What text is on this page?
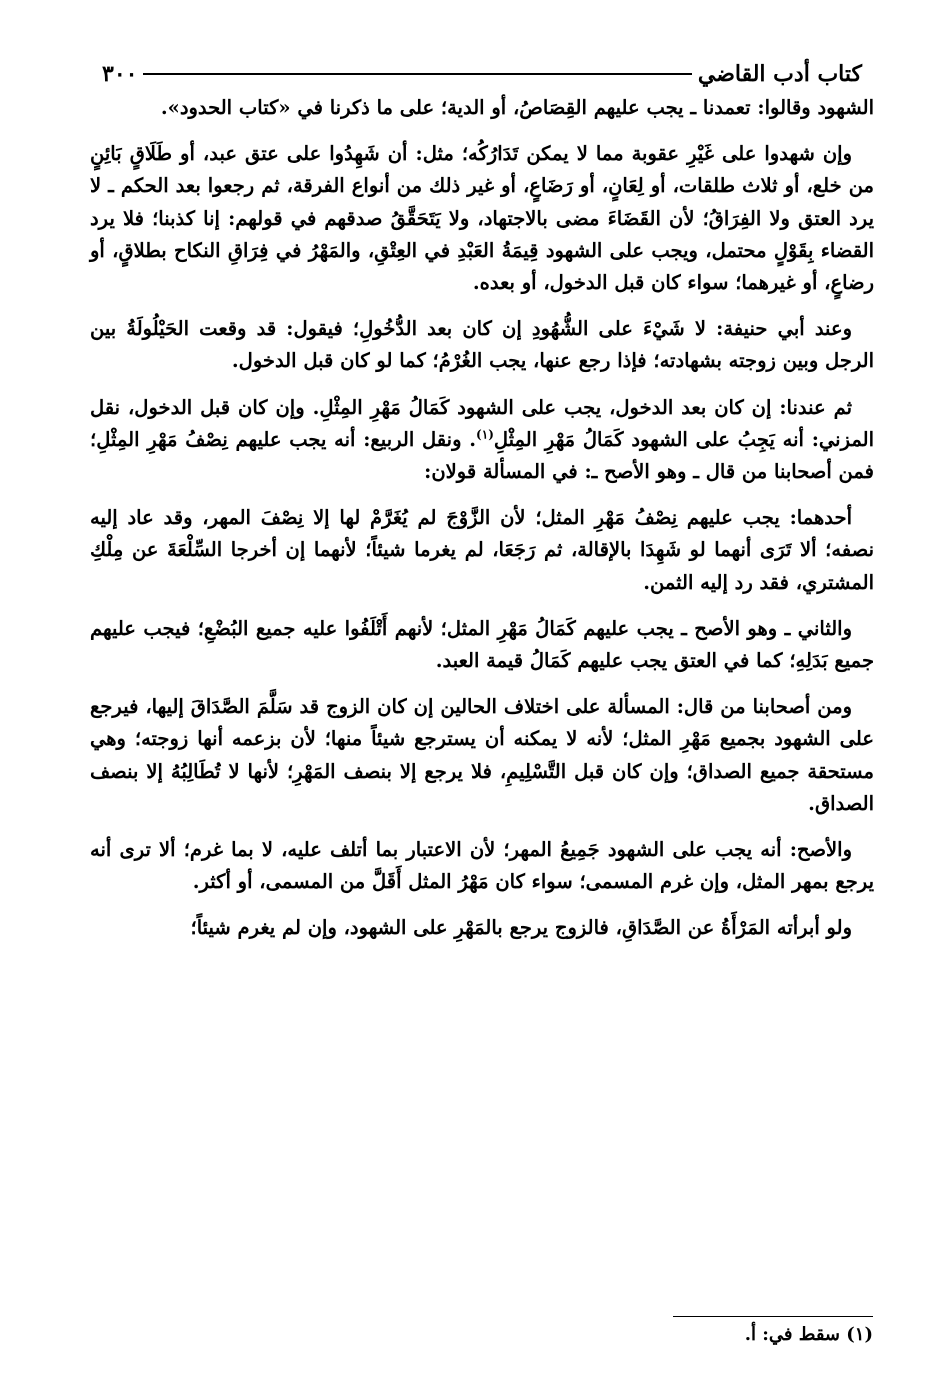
كتاب أدب القاضي
٣٠٠

الشهود وقالوا: تعمدنا ـ يجب عليهم القِصَاصُ، أو الدية؛ على ما ذكرنا في «كتاب الحدود».

وإن شهدوا على غَيْرِ عقوبة مما لا يمكن تَدَارُكُه؛ مثل: أن شَهِدُوا على عتق عبد، أو طَلَاقٍ بَائِنٍ من خلع، أو ثلاث طلقات، أو لِعَانٍ، أو رَضَاعٍ، أو غير ذلك من أنواع الفرقة، ثم رجعوا بعد الحكم ـ لا يرد العتق ولا الفِرَاقُ؛ لأن القَضَاءَ مضى بالاجتهاد، ولا يَتَحَقَّقُ صدقهم في قولهم: إنا كذبنا؛ فلا يرد القضاء بِقَوْلٍ محتمل، ويجب على الشهود قِيمَةُ العَبْدِ في العِتْقِ، والمَهْرُ في فِرَاقِ النكاح بطلاقٍ، أو رضاعٍ، أو غيرهما؛ سواء كان قبل الدخول، أو بعده.

وعند أبي حنيفة: لا شَيْءَ على الشُّهُودِ إن كان بعد الدُّخُولِ؛ فيقول: قد وقعت الحَيْلُولَةُ بين الرجل وبين زوجته بشهادته؛ فإذا رجع عنها، يجب الغُرْمُ؛ كما لو كان قبل الدخول.

ثم عندنا: إن كان بعد الدخول، يجب على الشهود كَمَالُ مَهْرِ المِثْلِ. وإن كان قبل الدخول، نقل المزني: أنه يَجِبُ على الشهود كَمَالُ مَهْرِ المِثْلِ$^{(١)}$. ونقل الربيع: أنه يجب عليهم نِصْفُ مَهْرِ المِثْلِ؛ فمن أصحابنا من قال ـ وهو الأصح ـ: في المسألة قولان:

أحدهما: يجب عليهم نِصْفُ مَهْرِ المثل؛ لأن الزَّوْجَ لم يُغَرَّمْ لها إلا نِصْفَ المهر، وقد عاد إليه نصفه؛ ألا تَرَى أنهما لو شَهِدَا بالإقالة، ثم رَجَعَا، لم يغرما شيئاً؛ لأنهما إن أخرجا السِّلْعَةَ عن مِلْكِ المشتري، فقد رد إليه الثمن.

والثاني ـ وهو الأصح ـ يجب عليهم كَمَالُ مَهْرِ المثل؛ لأنهم أَتْلَفُوا عليه جميع البُضْعِ؛ فيجب عليهم جميع بَدَلِهِ؛ كما في العتق يجب عليهم كَمَالُ قيمة العبد.

ومن أصحابنا من قال: المسألة على اختلاف الحالين إن كان الزوج قد سَلَّمَ الصَّدَاقَ إليها، فيرجع على الشهود بجميع مَهْرِ المثل؛ لأنه لا يمكنه أن يسترجع شيئاً منها؛ لأن بزعمه أنها زوجته؛ وهي مستحقة جميع الصداق؛ وإن كان قبل التَّسْلِيمِ، فلا يرجع إلا بنصف المَهْرِ؛ لأنها لا تُطَالِبُهُ إلا بنصف الصداق.

والأصح: أنه يجب على الشهود جَمِيعُ المهر؛ لأن الاعتبار بما أتلف عليه، لا بما غرم؛ ألا ترى أنه يرجع بمهر المثل، وإن غرم المسمى؛ سواء كان مَهْرُ المثل أَقَلَّ من المسمى، أو أكثر.

ولو أبرأته المَرْأَةُ عن الصَّدَاقِ، فالزوج يرجع بالمَهْرِ على الشهود، وإن لم يغرم شيئاً؛

(١) سقط في: أ.
